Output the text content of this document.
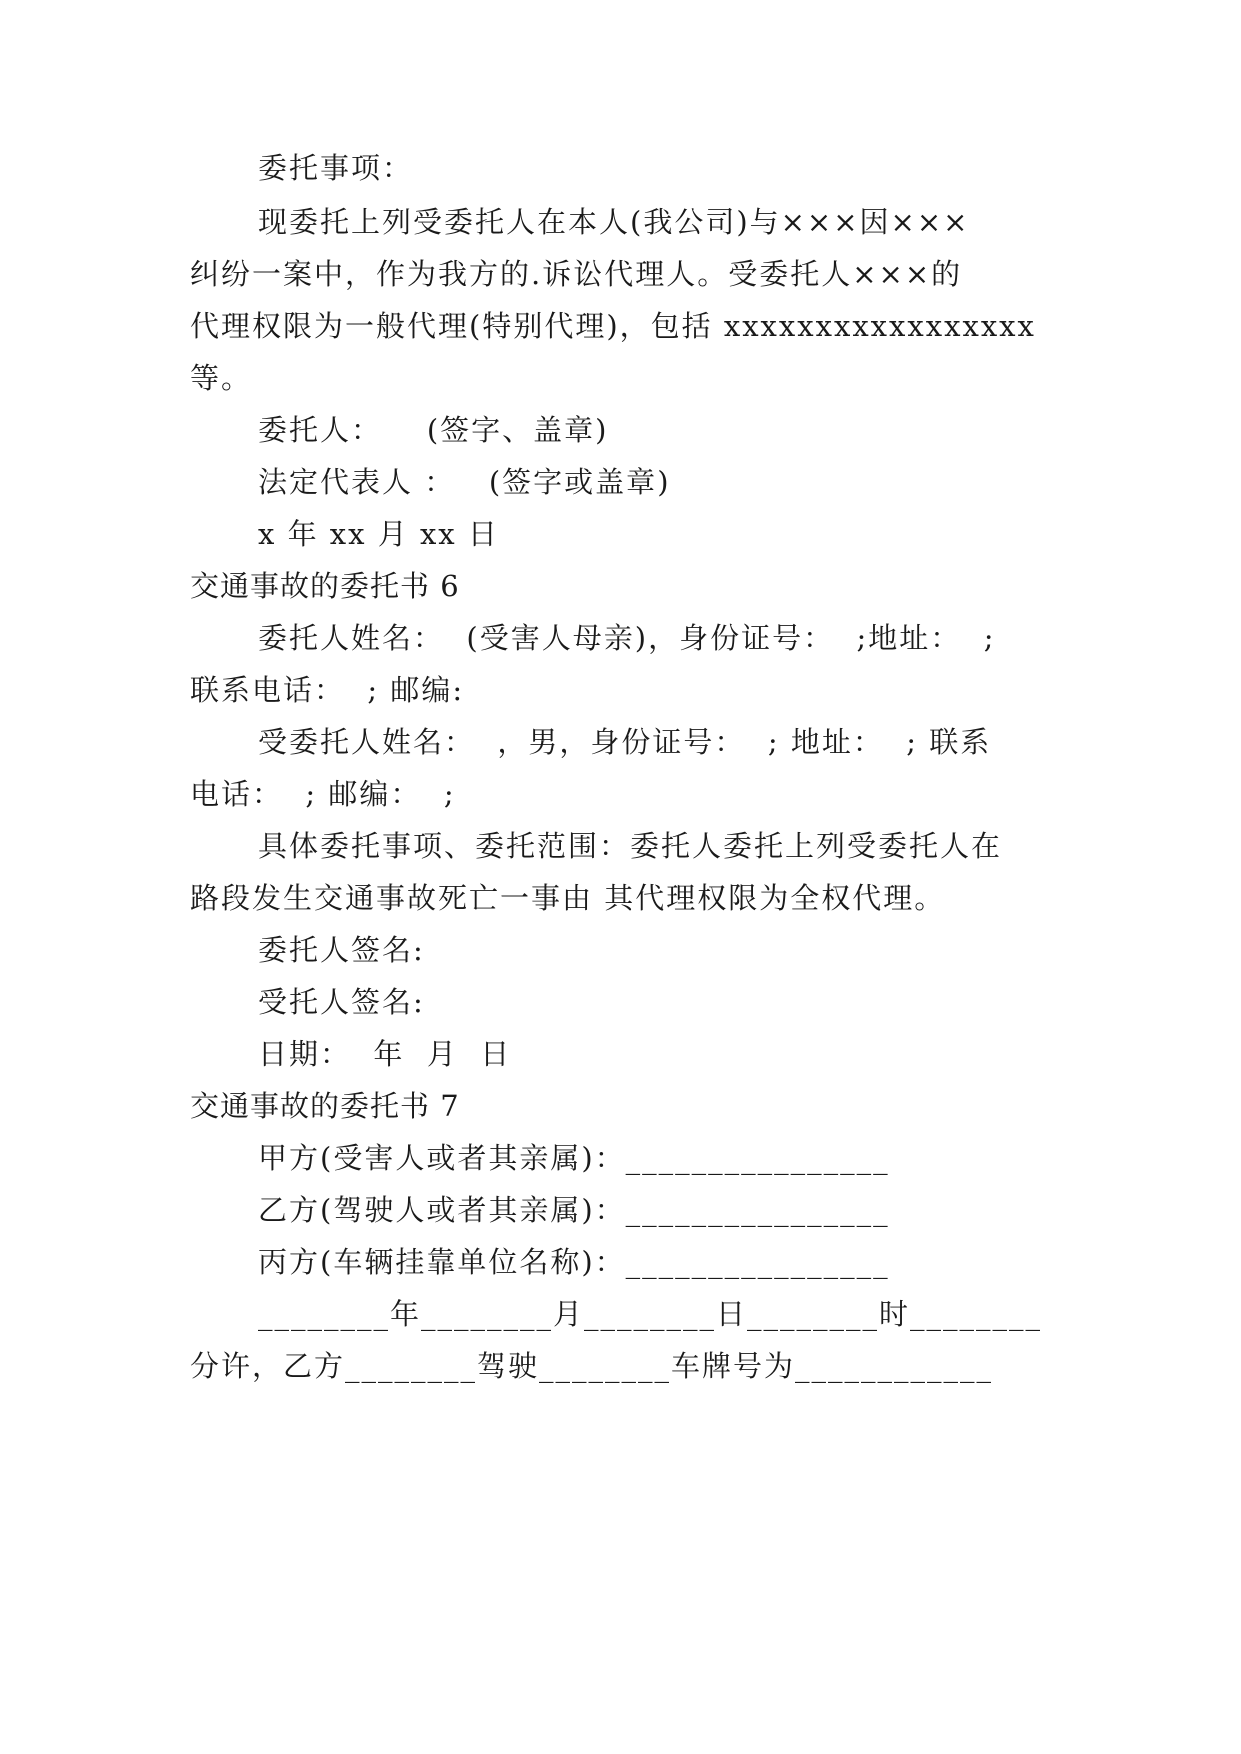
委托事项：
现委托上列受委托人在本人(我公司)与×××因×××
纠纷一案中，作为我方的.诉讼代理人。受委托人×××的
代理权限为一般代理(特别代理)，包括 xxxxxxxxxxxxxxxxx
等。
委托人：    (签字、盖章)
法定代表人 ：   (签字或盖章)
x 年 xx 月 xx 日
交通事故的委托书 6
委托人姓名：  (受害人母亲)，身份证号：  ;地址：  ;
联系电话：  ; 邮编:
受委托人姓名：  ，男，身份证号：  ; 地址：  ; 联系
电话：  ; 邮编：  ;
具体委托事项、委托范围：委托人委托上列受委托人在
路段发生交通事故死亡一事由 其代理权限为全权代理。
委托人签名:
受托人签名:
日期：  年  月  日
交通事故的委托书 7
甲方(受害人或者其亲属)：________________
乙方(驾驶人或者其亲属)：________________
丙方(车辆挂靠单位名称)：________________
________年________月________日________时________
分许，乙方________驾驶________车牌号为____________
